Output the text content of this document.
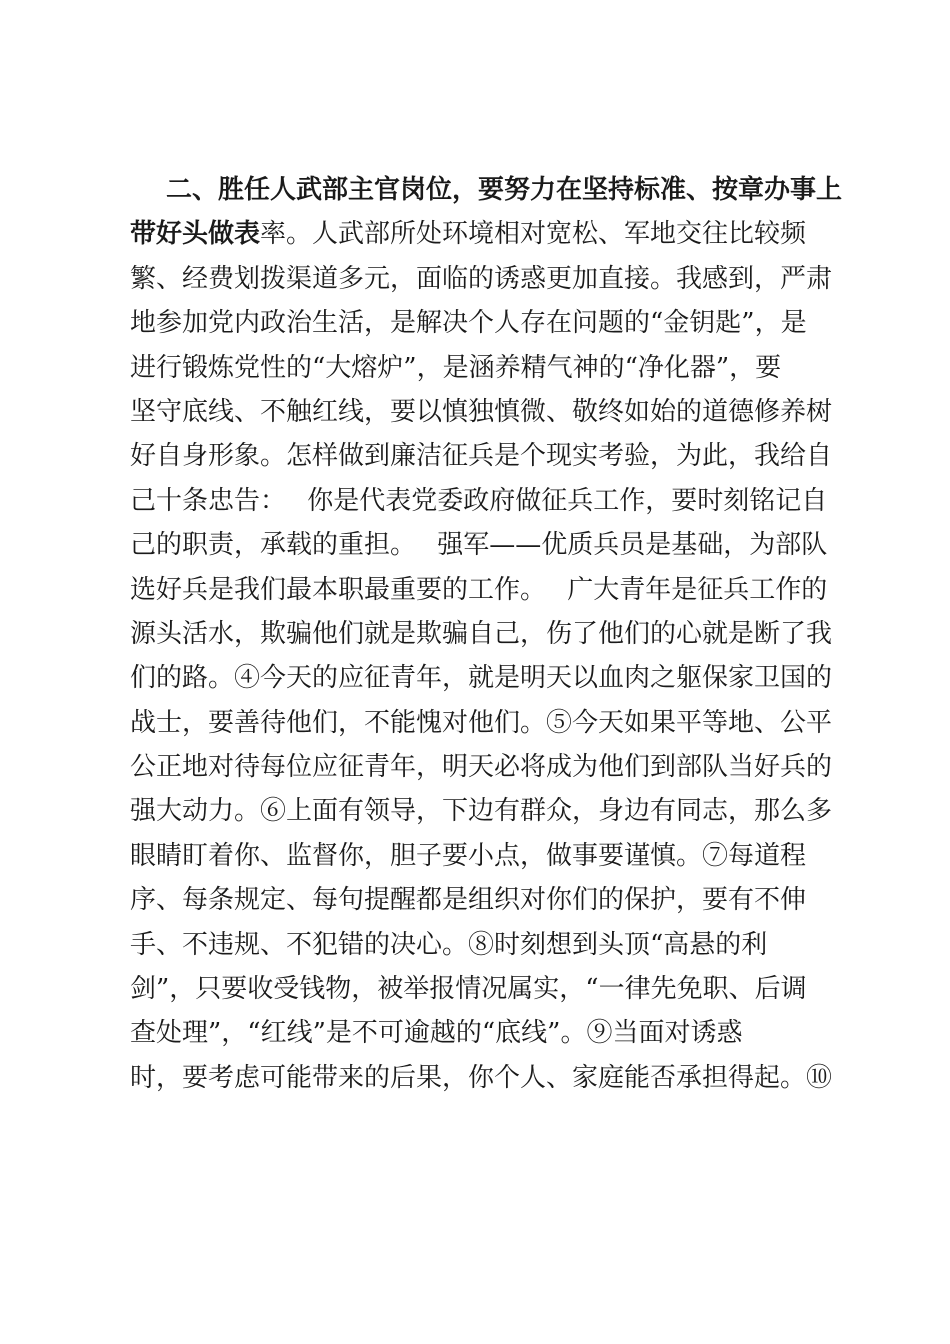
二、胜任人武部主官岗位，要努力在坚持标准、按章办事上
带好头做表率。人武部所处环境相对宽松、军地交往比较频
繁、经费划拨渠道多元，面临的诱惑更加直接。我感到，严肃
地参加党内政治生活，是解决个人存在问题的“金钥匙”，是
进行锻炼党性的“大熔炉”，是涵养精气神的“净化器”，要
坚守底线、不触红线，要以慎独慎微、敬终如始的道德修养树
好自身形象。怎样做到廉洁征兵是个现实考验，为此，我给自
己十条忠告：　 你是代表党委政府做征兵工作，要时刻铭记自
己的职责，承载的重担。　 强军——优质兵员是基础，为部队
选好兵是我们最本职最重要的工作。　 广大青年是征兵工作的
源头活水，欺骗他们就是欺骗自己，伤了他们的心就是断了我
们的路。④今天的应征青年，就是明天以血肉之躯保家卫国的
战士，要善待他们，不能愧对他们。⑤今天如果平等地、公平
公正地对待每位应征青年，明天必将成为他们到部队当好兵的
强大动力。⑥上面有领导，下边有群众，身边有同志，那么多
眼睛盯着你、监督你，胆子要小点，做事要谨慎。⑦每道程
序、每条规定、每句提醒都是组织对你们的保护，要有不伸
手、不违规、不犯错的决心。⑧时刻想到头顶“高悬的利
剑”，只要收受钱物，被举报情况属实，“一律先免职、后调
查处理”，“红线”是不可逾越的“底线”。⑨当面对诱惑
时，要考虑可能带来的后果，你个人、家庭能否承担得起。⑩
